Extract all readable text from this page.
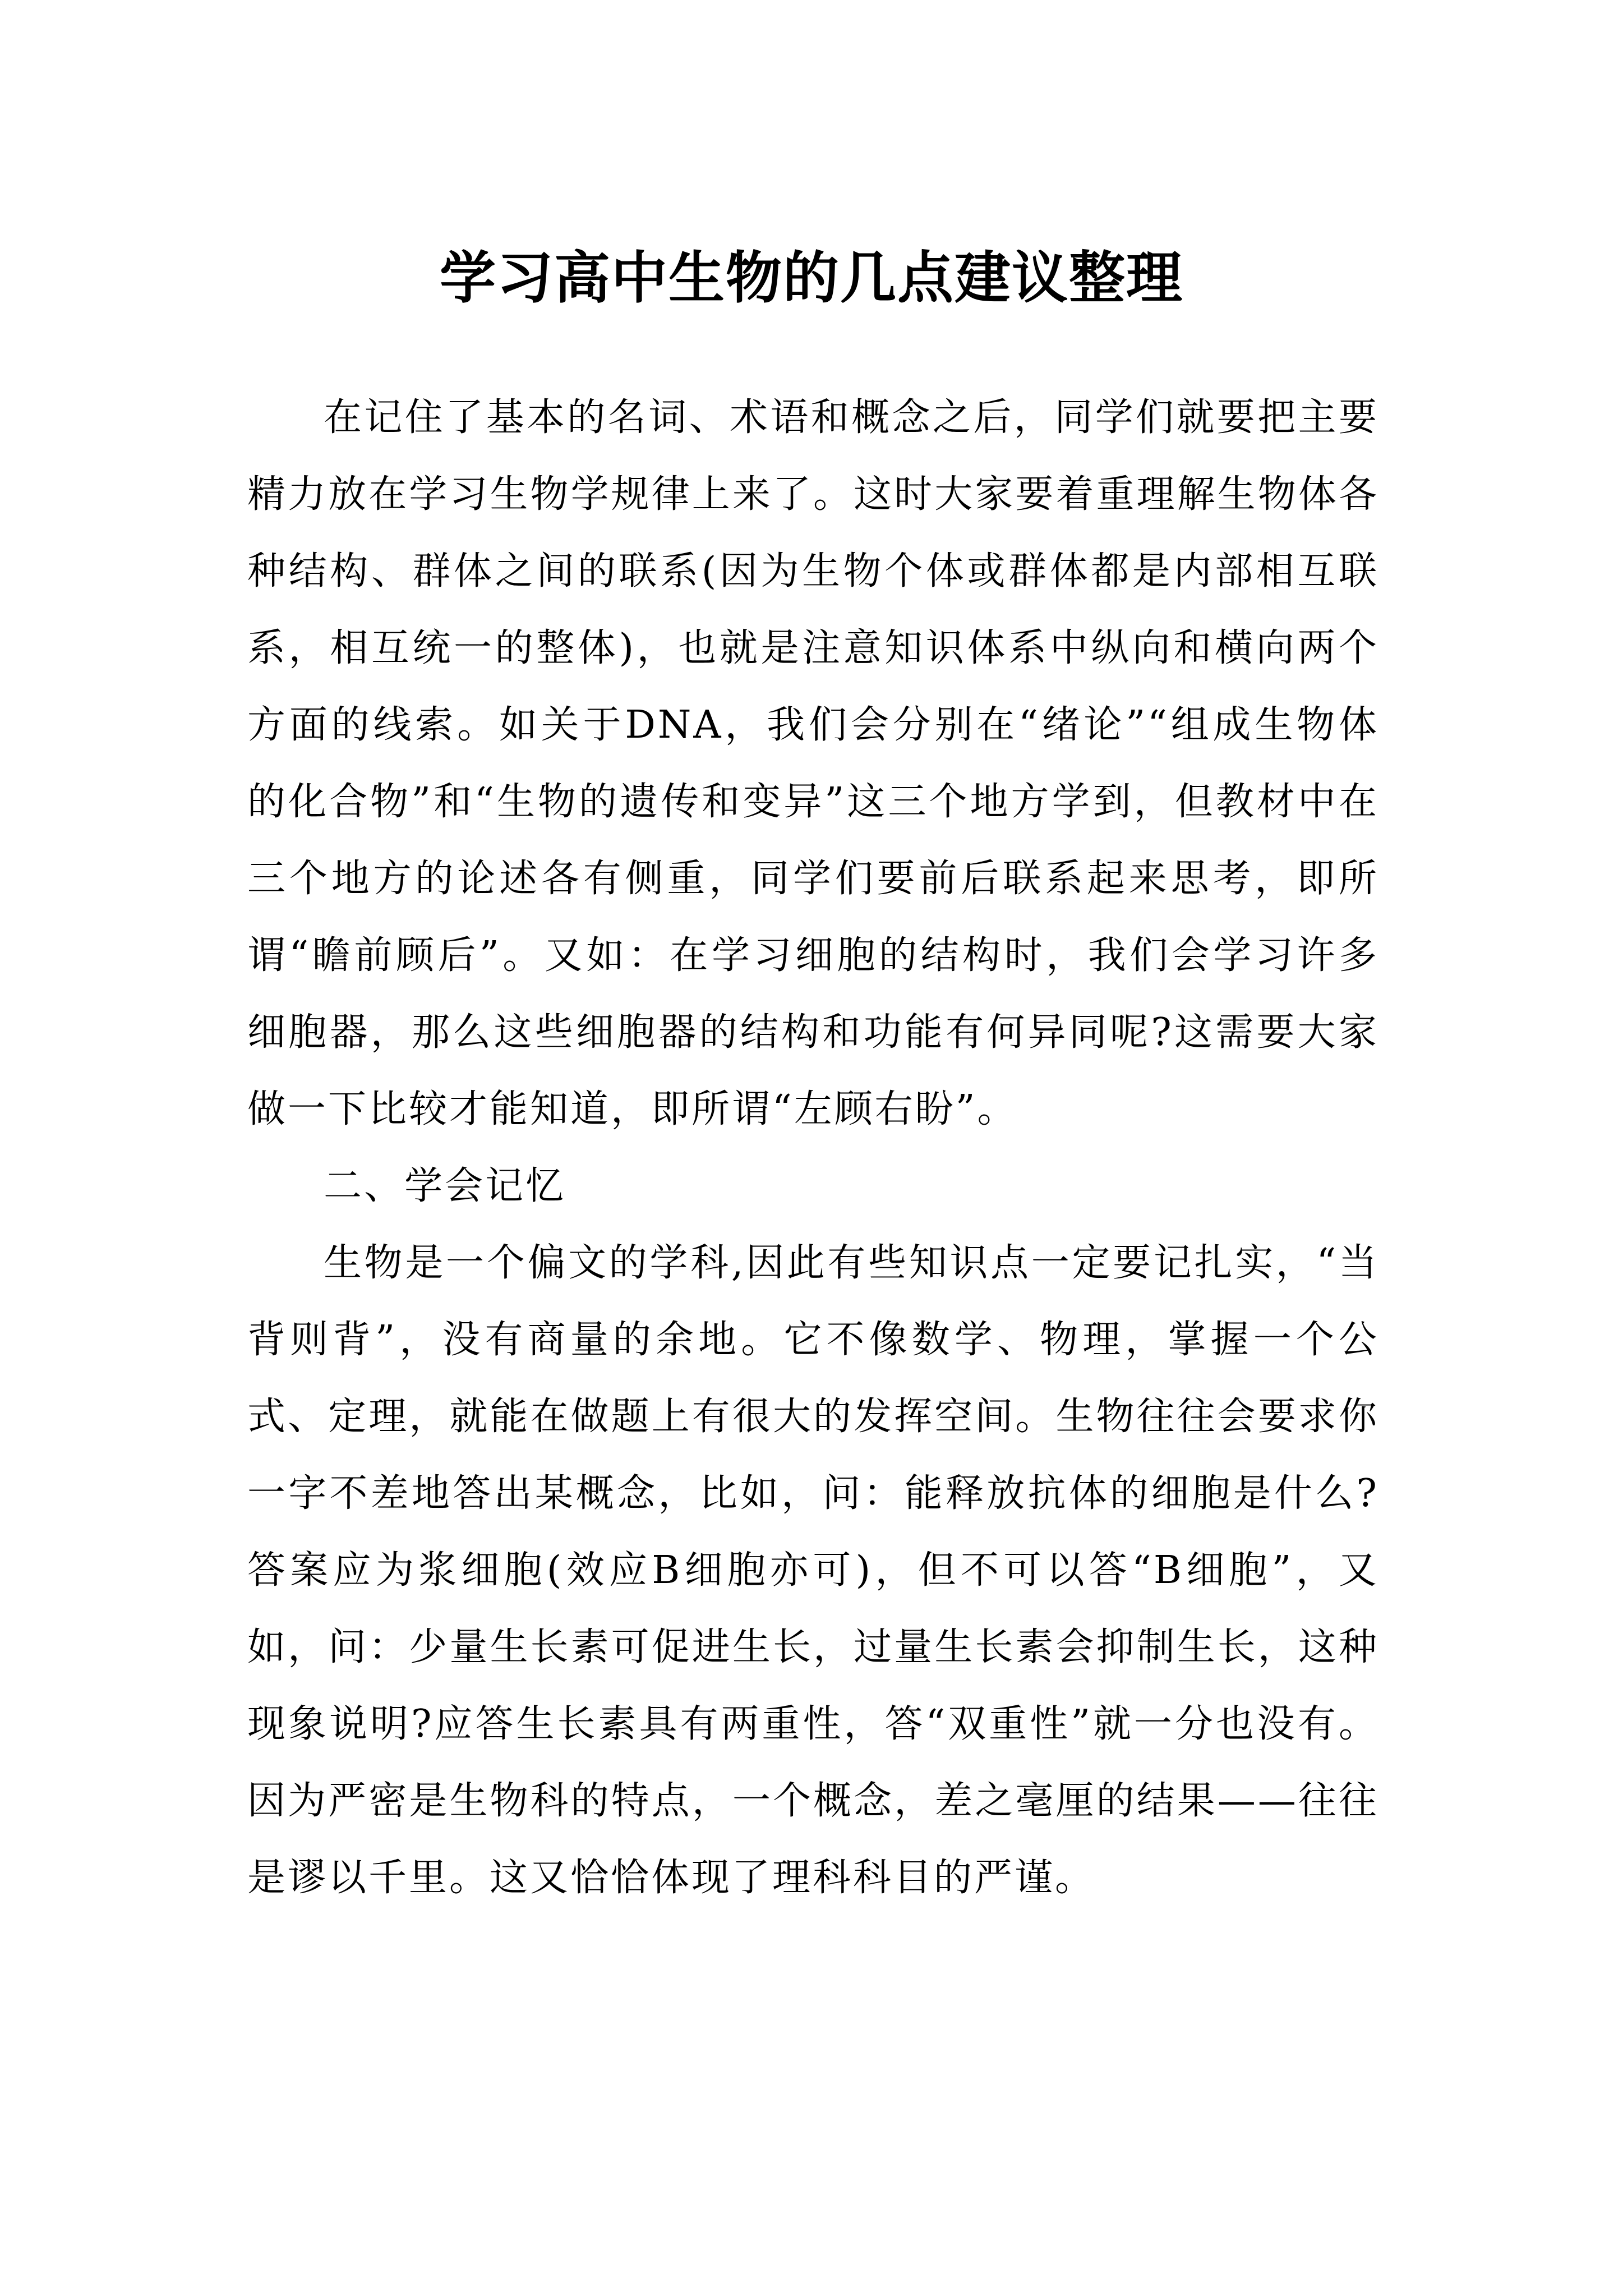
学习高中生物的几点建议整理

在记住了基本的名词、术语和概念之后，同学们就要把主要精力放在学习生物学规律上来了。这时大家要着重理解生物体各种结构、群体之间的联系(因为生物个体或群体都是内部相互联系，相互统一的整体)，也就是注意知识体系中纵向和横向两个方面的线索。如关于DNA，我们会分别在“绪论”“组成生物体的化合物”和“生物的遗传和变异”这三个地方学到，但教材中在三个地方的论述各有侧重，同学们要前后联系起来思考，即所谓“瞻前顾后”。又如：在学习细胞的结构时，我们会学习许多细胞器，那么这些细胞器的结构和功能有何异同呢?这需要大家做一下比较才能知道，即所谓“左顾右盼”。

二、学会记忆

生物是一个偏文的学科,因此有些知识点一定要记扎实，“当背则背”，没有商量的余地。它不像数学、物理，掌握一个公式、定理，就能在做题上有很大的发挥空间。生物往往会要求你一字不差地答出某概念，比如，问：能释放抗体的细胞是什么?答案应为浆细胞(效应B细胞亦可)，但不可以答“B细胞”，又如，问：少量生长素可促进生长，过量生长素会抑制生长，这种现象说明?应答生长素具有两重性，答“双重性”就一分也没有。因为严密是生物科的特点，一个概念，差之毫厘的结果——往往是谬以千里。这又恰恰体现了理科科目的严谨。
